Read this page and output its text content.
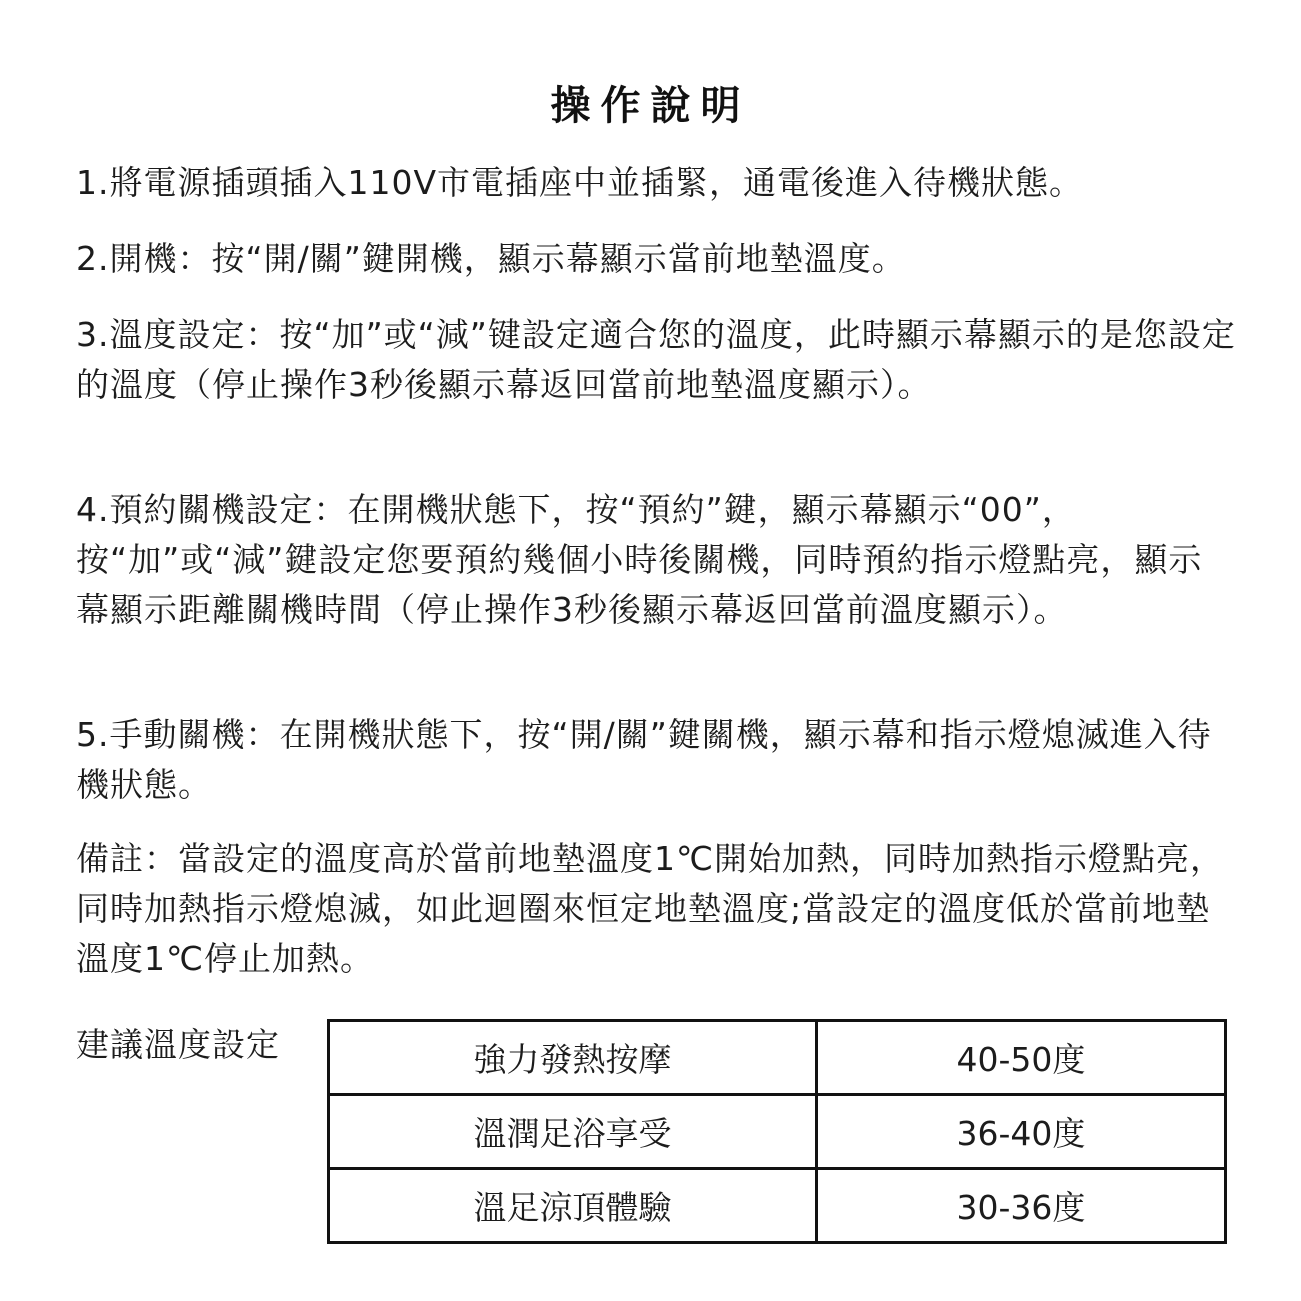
操作說明
1.將電源插頭插入110V市電插座中並插緊，通電後進入待機狀態。
2.開機：按“開/關”鍵開機，顯示幕顯示當前地墊溫度。
3.溫度設定：按“加”或“減”键設定適合您的溫度，此時顯示幕顯示的是您設定的溫度（停止操作3秒後顯示幕返回當前地墊溫度顯示）。
4.預約關機設定：在開機狀態下，按“預約”鍵，顯示幕顯示“00”，按“加”或“減”鍵設定您要預約幾個小時後關機，同時預約指示燈點亮，顯示幕顯示距離關機時間（停止操作3秒後顯示幕返回當前溫度顯示）。
5.手動關機：在開機狀態下，按“開/關”鍵關機，顯示幕和指示燈熄滅進入待機狀態。
備註：當設定的溫度高於當前地墊溫度1℃開始加熱，同時加熱指示燈點亮，同時加熱指示燈熄滅，如此迴圈來恒定地墊溫度;當設定的溫度低於當前地墊溫度1℃停止加熱。
建議溫度設定	強力發熱按摩	40-50度
溫潤足浴享受	36-40度
溫足涼頂體驗	30-36度
